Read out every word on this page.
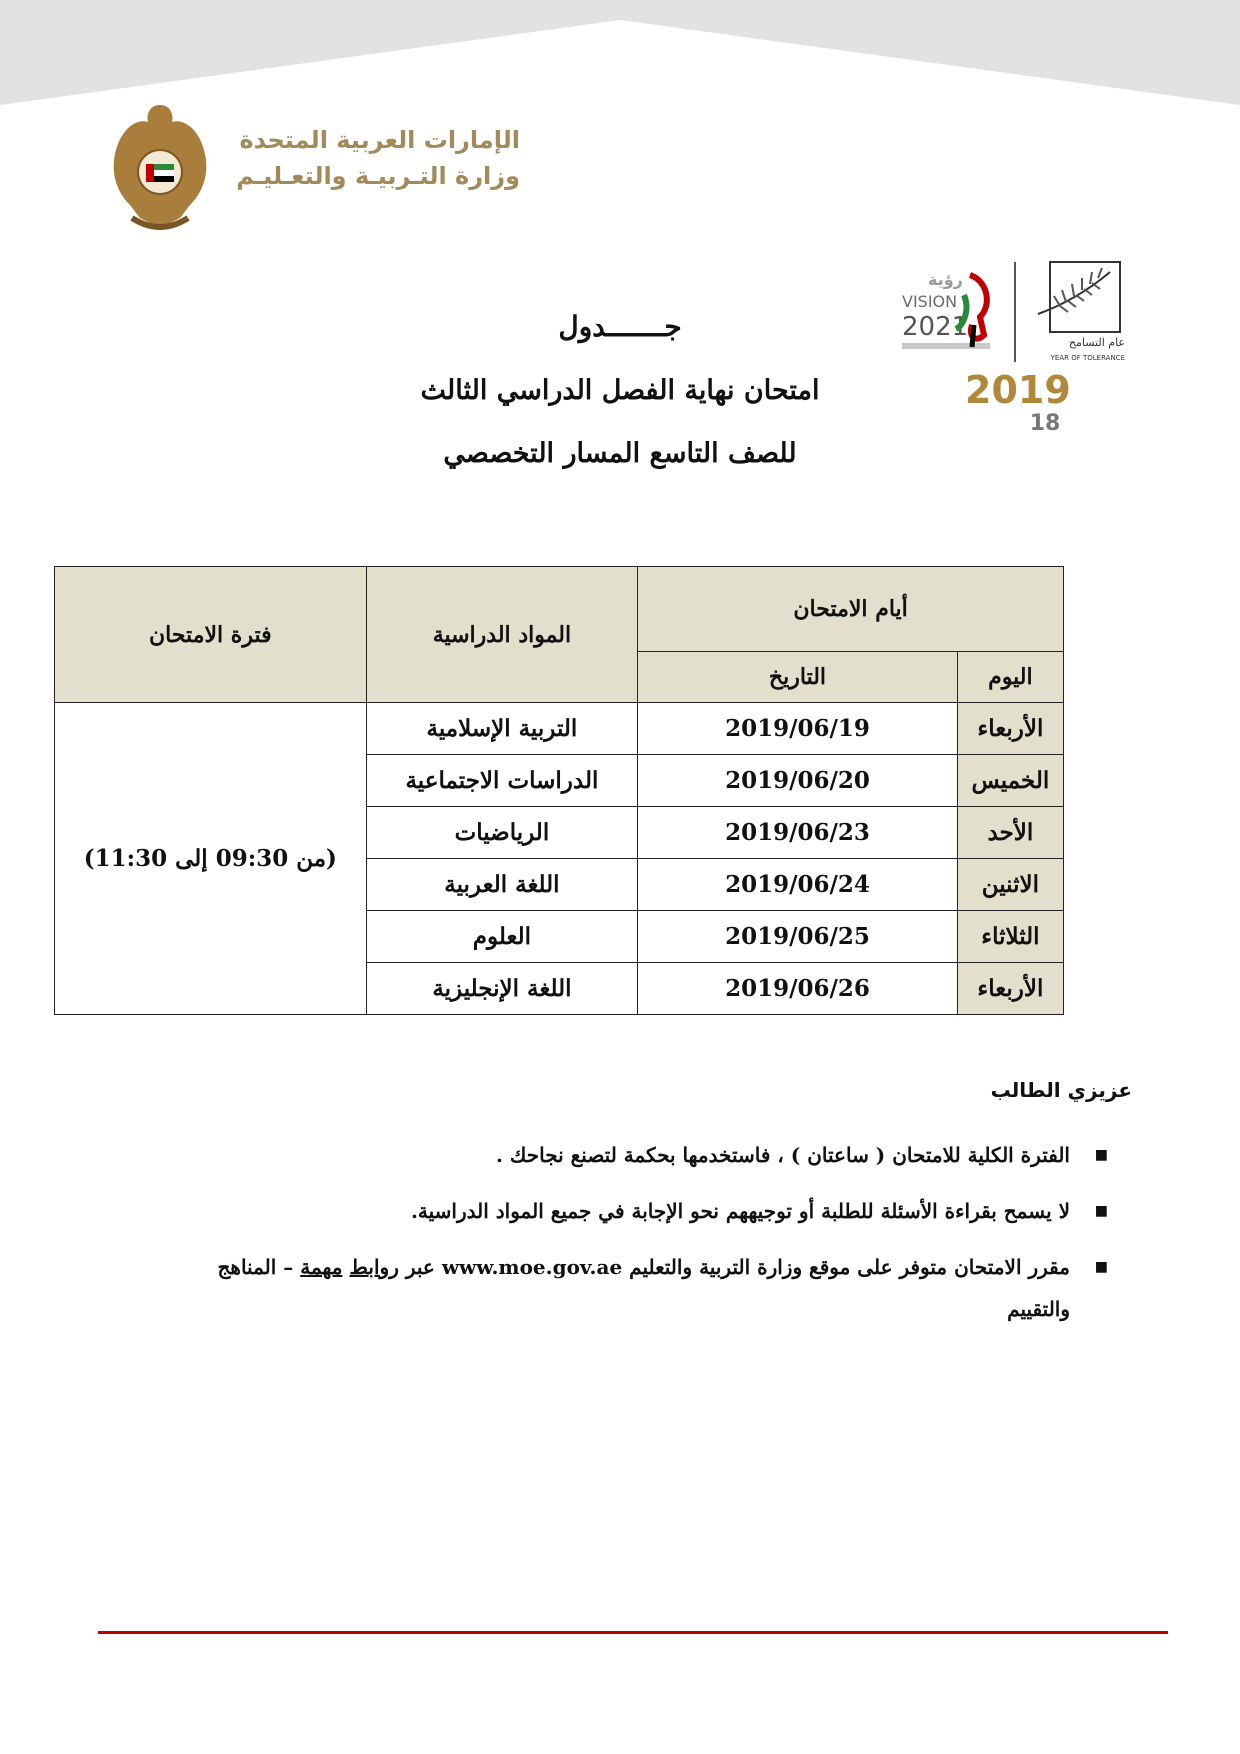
الإمارات العربية المتحدة
وزارة التـربيـة والتعـليـم
رؤية
VISION
2021
عام التسامح
YEAR OF TOLERANCE
2019
18
جـــــــدول
امتحان نهاية الفصل الدراسي الثالث
للصف التاسع المسار التخصصي
أيام الامتحان		المواد الدراسية	فترة الامتحان
اليوم	التاريخ		
الأربعاء	2019/06/19	التربية الإسلامية	(من 09:30 إلى 11:30)
الخميس	2019/06/20	الدراسات الاجتماعية	
الأحد	2019/06/23	الرياضيات	
الاثنين	2019/06/24	اللغة العربية	
الثلاثاء	2019/06/25	العلوم	
الأربعاء	2019/06/26	اللغة الإنجليزية	
عزيزي الطالب
■
الفترة الكلية للامتحان ( ساعتان ) ، فاستخدمها بحكمة لتصنع نجاحك .
■
لا يسمح بقراءة الأسئلة للطلبة أو توجيههم نحو الإجابة في جميع المواد الدراسية.
■
مقرر الامتحان متوفر على موقع وزارة التربية والتعليم www.moe.gov.ae عبر روابط مهمة – المناهج والتقييم
